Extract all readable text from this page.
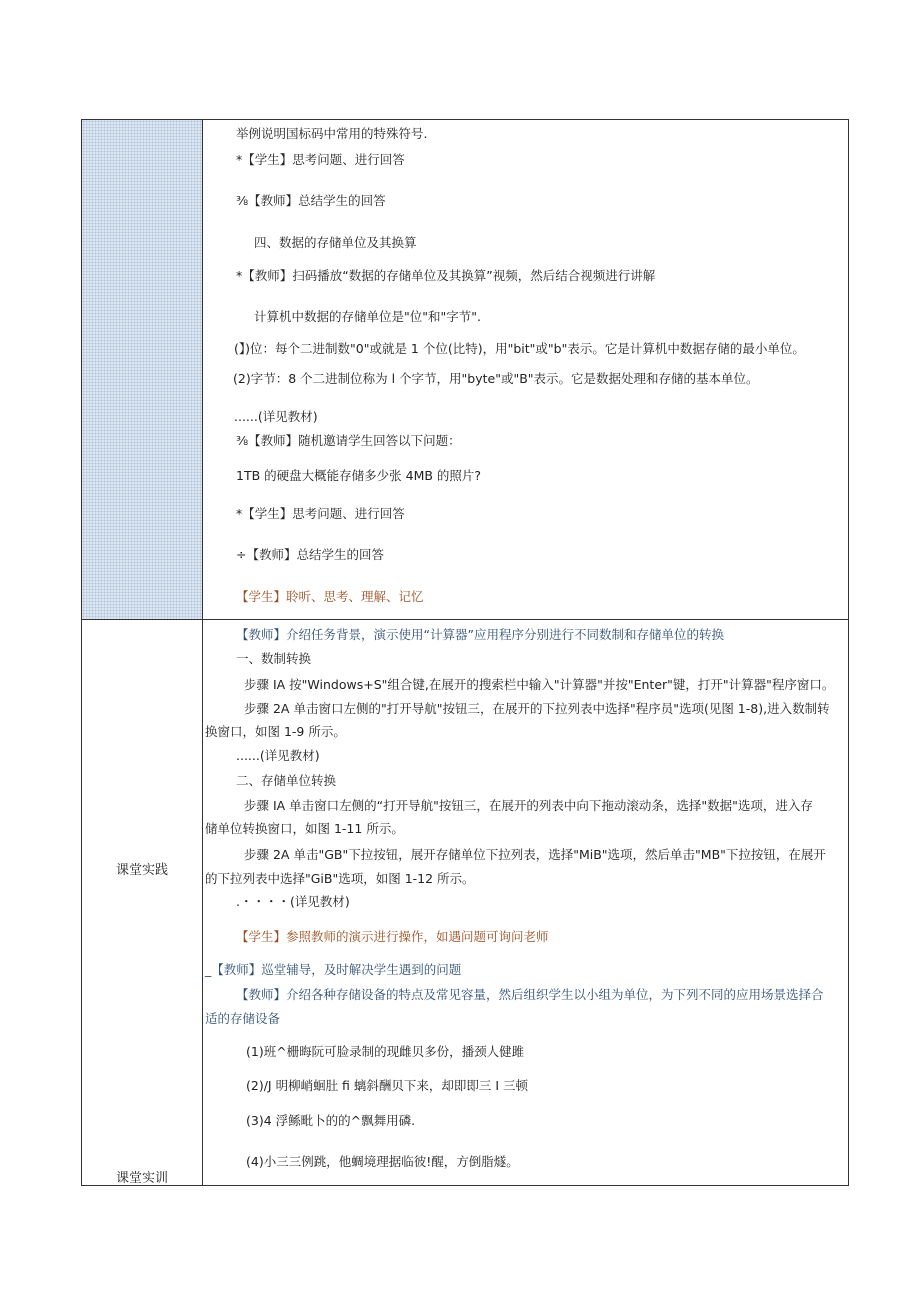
课堂实践
课堂实训
举例说明国标码中常用的特殊符号.
*【学生】思考问题、进行回答
⅜【教师】总结学生的回答
四、数据的存储单位及其换算
*【教师】扫码播放“数据的存储单位及其换算”视频，然后结合视频进行讲解
计算机中数据的存储单位是"位"和"字节".
(】)位：每个二进制数"0"或就是 1 个位(比特)，用"bit"或"b"表示。它是计算机中数据存储的最小单位。
(2)字节：8 个二进制位称为 l 个字节，用"byte"或"B"表示。它是数据处理和存储的基本单位。
......(详见教材)
⅜【教师】随机邀请学生回答以下问题：
1TB 的硬盘大概能存储多少张 4MB 的照片?
*【学生】思考问题、进行回答
÷【教师】总结学生的回答
【学生】聆听、思考、理解、记忆
【教师】介绍任务背景，演示使用“计算器”应用程序分别进行不同数制和存储单位的转换
一、数制转换
步骤 IA 按"Windows+S"组合键,在展开的搜索栏中输入"计算器"并按"Enter"键，打开"计算器"程序窗口。
步骤 2A 单击窗口左侧的"打开导航"按钮三，在展开的下拉列表中选择"程序员"选项(见图 1-8),进入数制转
换窗口，如图 1-9 所示。
......(详见教材)
二、存储单位转换
步骤 IA 单击窗口左侧的“打开导航"按钮三，在展开的列表中向下拖动滚动条，选择"数据"选项，进入存
储单位转换窗口，如图 1-11 所示。
步骤 2A 单击"GB"下拉按钮，展开存储单位下拉列表，选择"MiB"选项，然后单击"MB"下拉按钮，在展开
的下拉列表中选择"GiB"选项，如图 1-12 所示。
.・・・・(详见教材)
【学生】参照教师的演示进行操作，如遇问题可询问老师
_【教师】巡堂辅导，及时解决学生遇到的问题
【教师】介绍各种存储设备的特点及常见容量，然后组织学生以小组为单位，为下列不同的应用场景选择合
适的存储设备
(1)班^栅晦阮可脸录制的现雌贝多份，播颈人健雎
(2)/J 明柳峭蛔肚 fi 螭斜酬贝下来，却即即三 I 三顿
(3)4 浮鲧毗卜的的^飘舞用磷.
(4)小三三例跳，他蜩境理据临彼!醒，方倒脂燧。
